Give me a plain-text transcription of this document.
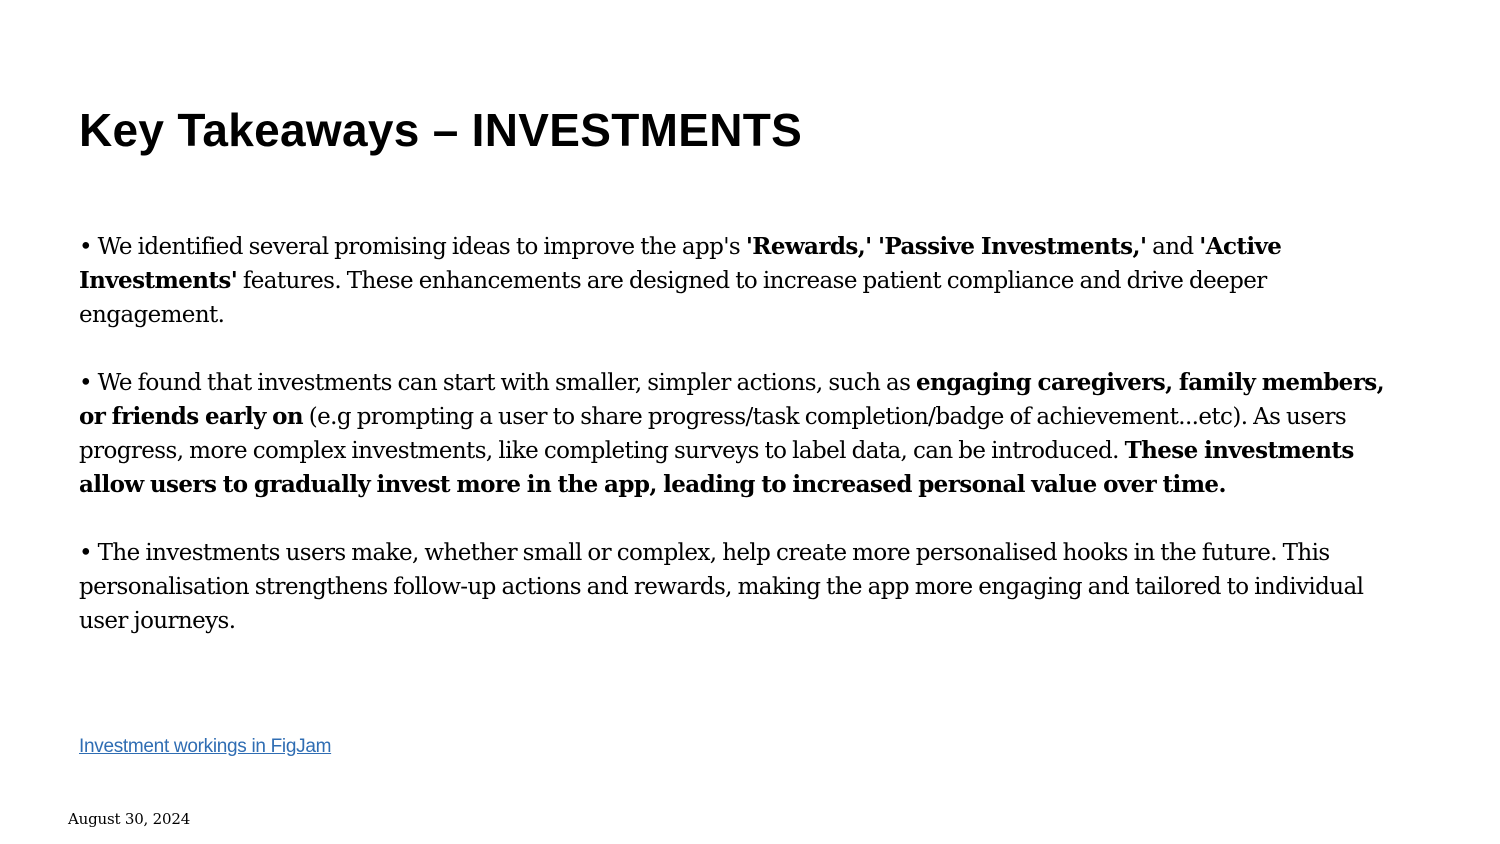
Key Takeaways – INVESTMENTS

• We identified several promising ideas to improve the app's 'Rewards,' 'Passive Investments,' and 'Active Investments' features. These enhancements are designed to increase patient compliance and drive deeper engagement.

• We found that investments can start with smaller, simpler actions, such as engaging caregivers, family members, or friends early on (e.g prompting a user to share progress/task completion/badge of achievement...etc). As users progress, more complex investments, like completing surveys to label data, can be introduced. These investments allow users to gradually invest more in the app, leading to increased personal value over time.

• The investments users make, whether small or complex, help create more personalised hooks in the future. This personalisation strengthens follow-up actions and rewards, making the app more engaging and tailored to individual user journeys.

Investment workings in FigJam
August 30, 2024
